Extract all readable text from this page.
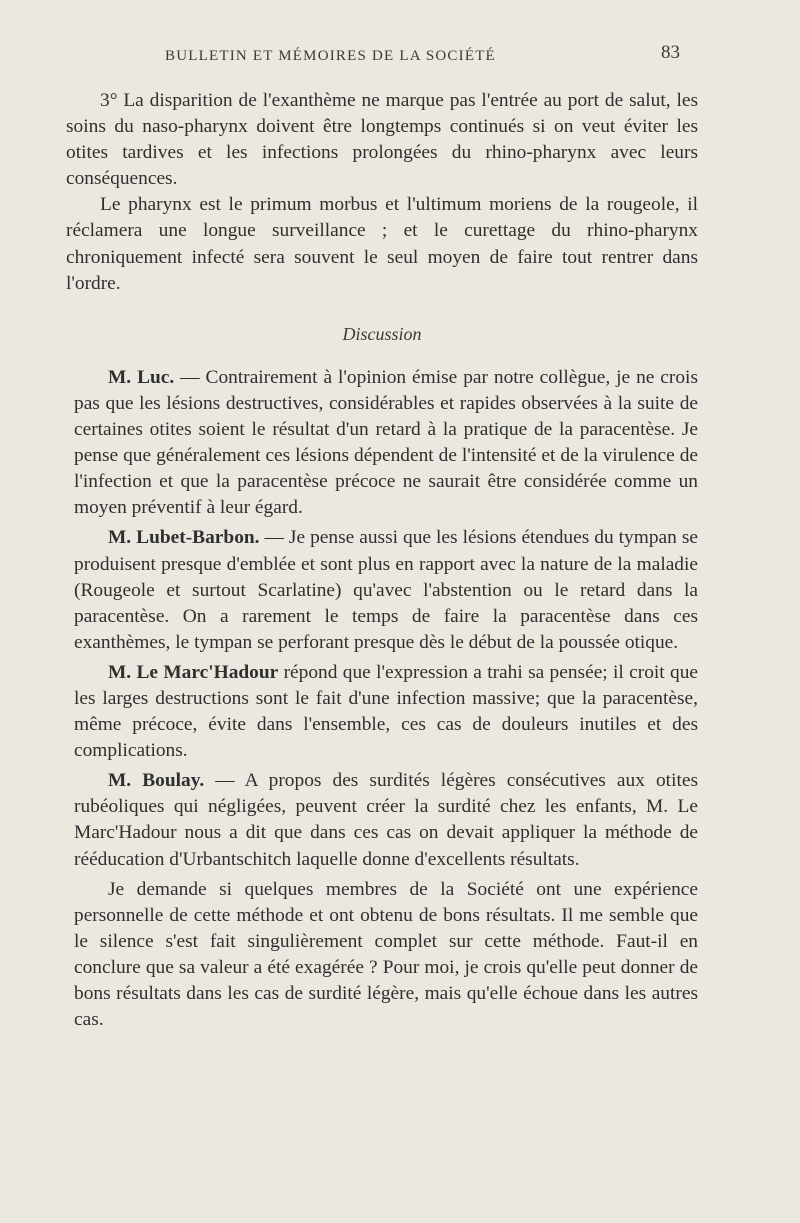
BULLETIN ET MÉMOIRES DE LA SOCIÉTÉ	83

3° La disparition de l'exanthème ne marque pas l'entrée au port de salut, les soins du naso-pharynx doivent être longtemps continués si on veut éviter les otites tardives et les infections prolongées du rhino-pharynx avec leurs conséquences.

Le pharynx est le primum morbus et l'ultimum moriens de la rougeole, il réclamera une longue surveillance ; et le curettage du rhino-pharynx chroniquement infecté sera souvent le seul moyen de faire tout rentrer dans l'ordre.

Discussion

M. Luc. — Contrairement à l'opinion émise par notre collègue, je ne crois pas que les lésions destructives, considérables et rapides observées à la suite de certaines otites soient le résultat d'un retard à la pratique de la paracentèse. Je pense que généralement ces lésions dépendent de l'intensité et de la virulence de l'infection et que la paracentèse précoce ne saurait être considérée comme un moyen préventif à leur égard.

M. Lubet-Barbon. — Je pense aussi que les lésions étendues du tympan se produisent presque d'emblée et sont plus en rapport avec la nature de la maladie (Rougeole et surtout Scarlatine) qu'avec l'abstention ou le retard dans la paracentèse. On a rarement le temps de faire la paracentèse dans ces exanthèmes, le tympan se perforant presque dès le début de la poussée otique.

M. Le Marc'Hadour répond que l'expression a trahi sa pensée; il croit que les larges destructions sont le fait d'une infection massive; que la paracentèse, même précoce, évite dans l'ensemble, ces cas de douleurs inutiles et des complications.

M. Boulay. — A propos des surdités légères consécutives aux otites rubéoliques qui négligées, peuvent créer la surdité chez les enfants, M. Le Marc'Hadour nous a dit que dans ces cas on devait appliquer la méthode de rééducation d'Urbantschitch laquelle donne d'excellents résultats.

Je demande si quelques membres de la Société ont une expérience personnelle de cette méthode et ont obtenu de bons résultats. Il me semble que le silence s'est fait singulièrement complet sur cette méthode. Faut-il en conclure que sa valeur a été exagérée ? Pour moi, je crois qu'elle peut donner de bons résultats dans les cas de surdité légère, mais qu'elle échoue dans les autres cas.
